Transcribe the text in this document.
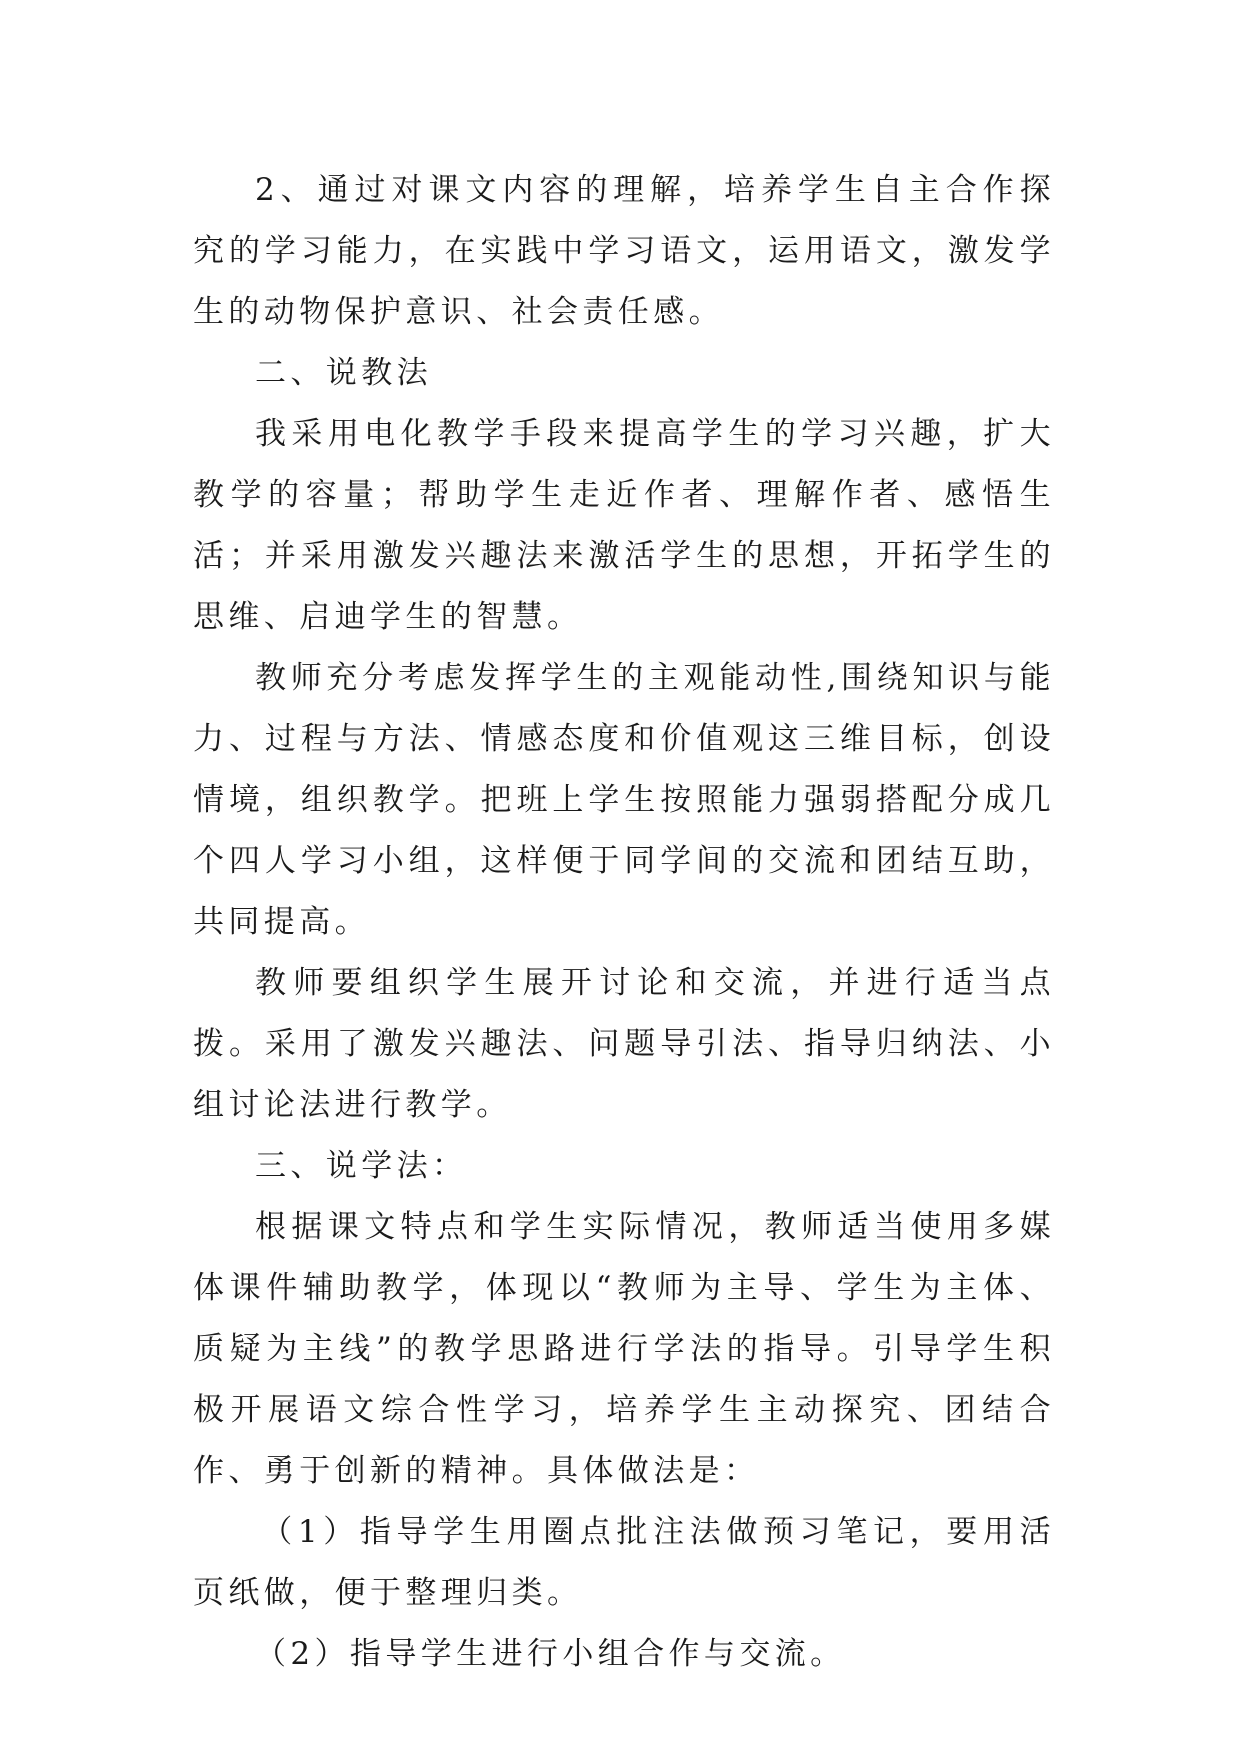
2、通过对课文内容的理解，培养学生自主合作探究的学习能力，在实践中学习语文，运用语文，激发学生的动物保护意识、社会责任感。

二、说教法

我采用电化教学手段来提高学生的学习兴趣，扩大教学的容量；帮助学生走近作者、理解作者、感悟生活；并采用激发兴趣法来激活学生的思想，开拓学生的思维、启迪学生的智慧。

教师充分考虑发挥学生的主观能动性,围绕知识与能力、过程与方法、情感态度和价值观这三维目标，创设情境，组织教学。把班上学生按照能力强弱搭配分成几个四人学习小组，这样便于同学间的交流和团结互助，共同提高。

教师要组织学生展开讨论和交流，并进行适当点拨。采用了激发兴趣法、问题导引法、指导归纳法、小组讨论法进行教学。

三、说学法：

根据课文特点和学生实际情况，教师适当使用多媒体课件辅助教学，体现以“教师为主导、学生为主体、质疑为主线”的教学思路进行学法的指导。引导学生积极开展语文综合性学习，培养学生主动探究、团结合作、勇于创新的精神。具体做法是：

（1）指导学生用圈点批注法做预习笔记，要用活页纸做，便于整理归类。

（2）指导学生进行小组合作与交流。
